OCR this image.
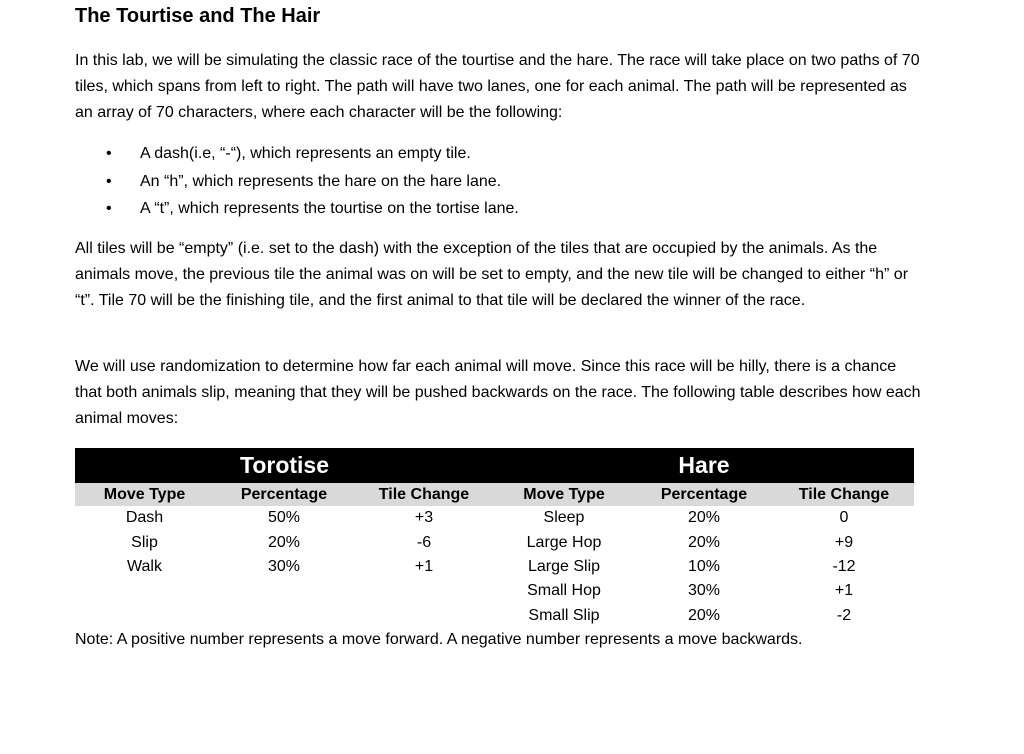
The Tourtise and The Hair

In this lab, we will be simulating the classic race of the tourtise and the hare. The race will take place on two paths of 70 tiles, which spans from left to right. The path will have two lanes, one for each animal. The path will be represented as an array of 70 characters, where each character will be the following:

• A dash(i.e, “-“), which represents an empty tile.
• An “h”, which represents the hare on the hare lane.
• A “t”, which represents the tourtise on the tortise lane.

All tiles will be “empty” (i.e. set to the dash) with the exception of the tiles that are occupied by the animals. As the animals move, the previous tile the animal was on will be set to empty, and the new tile will be changed to either “h” or “t”. Tile 70 will be the finishing tile, and the first animal to that tile will be declared the winner of the race.

We will use randomization to determine how far each animal will move. Since this race will be hilly, there is a chance that both animals slip, meaning that they will be pushed backwards on the race. The following table describes how each animal moves:

Torotise			Hare		
Move Type	Percentage	Tile Change	Move Type	Percentage	Tile Change
Dash	50%	+3	Sleep	20%	0
Slip	20%	-6	Large Hop	20%	+9
Walk	30%	+1	Large Slip	10%	-12
			Small Hop	30%	+1
			Small Slip	20%	-2
Note: A positive number represents a move forward. A negative number represents a move backwards.
